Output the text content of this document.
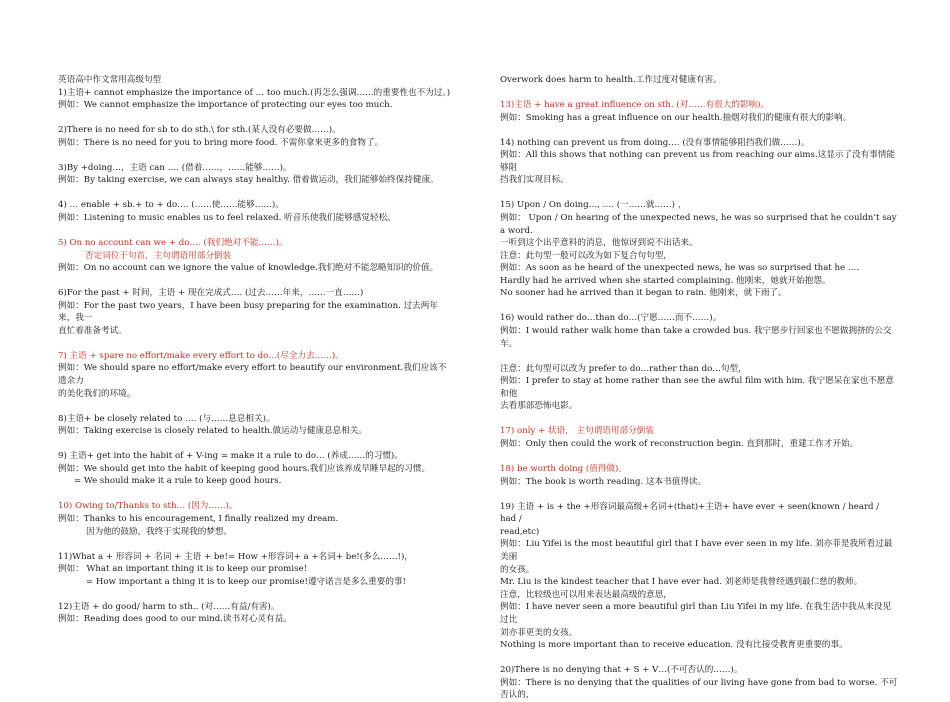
英语高中作文常用高级句型
1)主语+ cannot emphasize the importance of … too much.(再怎么强调……的重要性也不为过。)
例如：We cannot emphasize the importance of protecting our eyes too much.
2)There is no need for sb to do sth.\ for sth.(某人没有必要做……)。
例如：There is no need for you to bring more food. 不需你拿来更多的食物了。
3)By +doing…，主语 can …. (借着……，……能够……)。
例如：By taking exercise, we can always stay healthy. 借着做运动，我们能够始终保持健康。
4) … enable + sb.+ to + do…. (……使……能够……)。
例如：Listening to music enables us to feel relaxed. 听音乐使我们能够感觉轻松。
5) On no account can we + do…. (我们绝对不能……)。
否定词位于句首，主句谓语用部分倒装
例如：On no account can we ignore the value of knowledge.我们绝对不能忽略知识的价值。
6)For the past + 时间，主语 + 现在完成式…. (过去……年来，……一直……)
例如：For the past two years，I have been busy preparing for the examination. 过去两年来，我一
直忙着准备考试。
7) 主语 + spare no effort/make every effort to do…(尽全力去……)。
例如：We should spare no effort/make every effort to beautify our environment.我们应该不遗余力
的美化我们的环境。
8)主语+ be closely related to …. (与……息息相关)。
例如：Taking exercise is closely related to health.做运动与健康息息相关。
9) 主语+ get into the habit of + V-ing = make it a rule to do… (养成……的习惯)。
例如：We should get into the habit of keeping good hours.我们应该养成早睡早起的习惯。
= We should make it a rule to keep good hours.
10) Owing to/Thanks to sth… (因为……)。
例如：Thanks to his encouragement, I finally realized my dream.
因为他的鼓励，我终于实现我的梦想。
11)What a + 形容词 + 名词 + 主语 + be!= How +形容词+ a +名词+ be!(多么……!)，
例如： What an important thing it is to keep our promise!
= How important a thing it is to keep our promise!遵守诺言是多么重要的事!
12)主语 + do good/ harm to sth.. (对……有益/有害)。
例如：Reading does good to our mind.读书对心灵有益。
Overwork does harm to health.工作过度对健康有害。
13)主语 + have a great influence on sth. (对……有很大的影响)。
例如：Smoking has a great influence on our health.抽烟对我们的健康有很大的影响。
14) nothing can prevent us from doing…. (没有事情能够阻挡我们做……)。
例如：All this shows that nothing can prevent us from reaching our aims.这显示了没有事情能够阻
挡我们实现目标。
15) Upon / On doing…, …. (一……就……) ，
例如： Upon / On hearing of the unexpected news, he was so surprised that he couldn’t say a word.
一听到这个出乎意料的消息，他惊讶到说不出话来。
注意：此句型一般可以改为如下复合句句型，
例如：As soon as he heard of the unexpected news, he was so surprised that he ….
Hardly had he arrived when she started complaining. 他刚来，她就开始抱怨。
No sooner had he arrived than it began to rain. 他刚来，就下雨了。
16) would rather do…than do…(宁愿……而不……)。
例如：I would rather walk home than take a crowded bus. 我宁愿步行回家也不愿做拥挤的公交车。
注意：此句型可以改为 prefer to do…rather than do…句型，
例如：I prefer to stay at home rather than see the awful film with him. 我宁愿呆在家也不愿意和他
去看那部恐怖电影。
17) only + 状语， 主句谓语用部分倒装
例如：Only then could the work of reconstruction begin. 直到那时，重建工作才开始。
18) be worth doing (值得做)。
例如：The book is worth reading. 这本书值得读。
19) 主语 + is + the +形容词最高级+名词+(that)+主语+ have ever + seen(known / heard / had /
read,etc)
例如：Liu Yifei is the most beautiful girl that I have ever seen in my life. 刘亦菲是我所看过最美丽
的女孩。
Mr. Liu is the kindest teacher that I have ever had. 刘老师是我曾经遇到最仁慈的教师。
注意，比较级也可以用来表达最高级的意思，
例如：I have never seen a more beautiful girl than Liu Yifei in my life. 在我生活中我从来没见过比
刘亦菲更美的女孩。
Nothing is more important than to receive education. 没有比接受教育更重要的事。
20)There is no denying that + S + V…(不可否认的……)。
例如：There is no denying that the qualities of our living have gone from bad to worse. 不可否认的，
